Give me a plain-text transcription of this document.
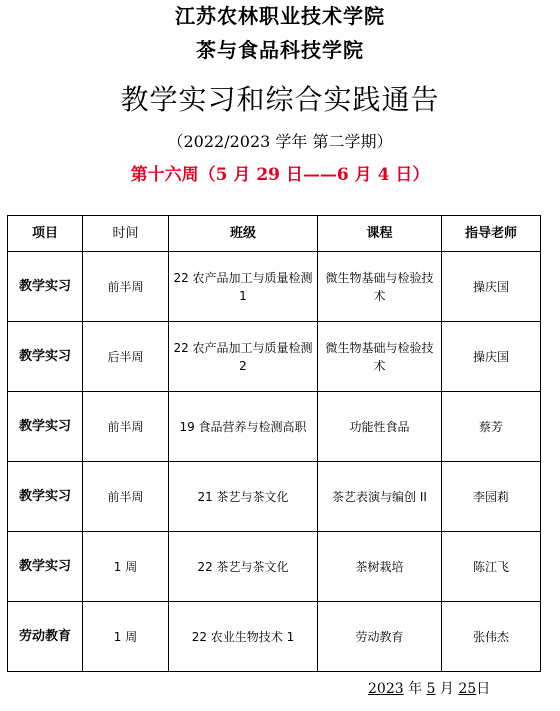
江苏农林职业技术学院
茶与食品科技学院
教学实习和综合实践通告
（2022/2023 学年 第二学期）
第十六周（5 月 29 日——6 月 4 日）
项目	时间	班级	课程	指导老师
教学实习	前半周	22 农产品加工与质量检测 1	微生物基础与检验技术	操庆国
教学实习	后半周	22 农产品加工与质量检测 2	微生物基础与检验技术	操庆国
教学实习	前半周	19 食品营养与检测高职	功能性食品	蔡芳
教学实习	前半周	21 茶艺与茶文化	茶艺表演与编创 II	李园莉
教学实习	1 周	22 茶艺与茶文化	茶树栽培	陈江飞
劳动教育	1 周	22 农业生物技术 1	劳动教育	张伟杰
2023 年 5 月 25日
